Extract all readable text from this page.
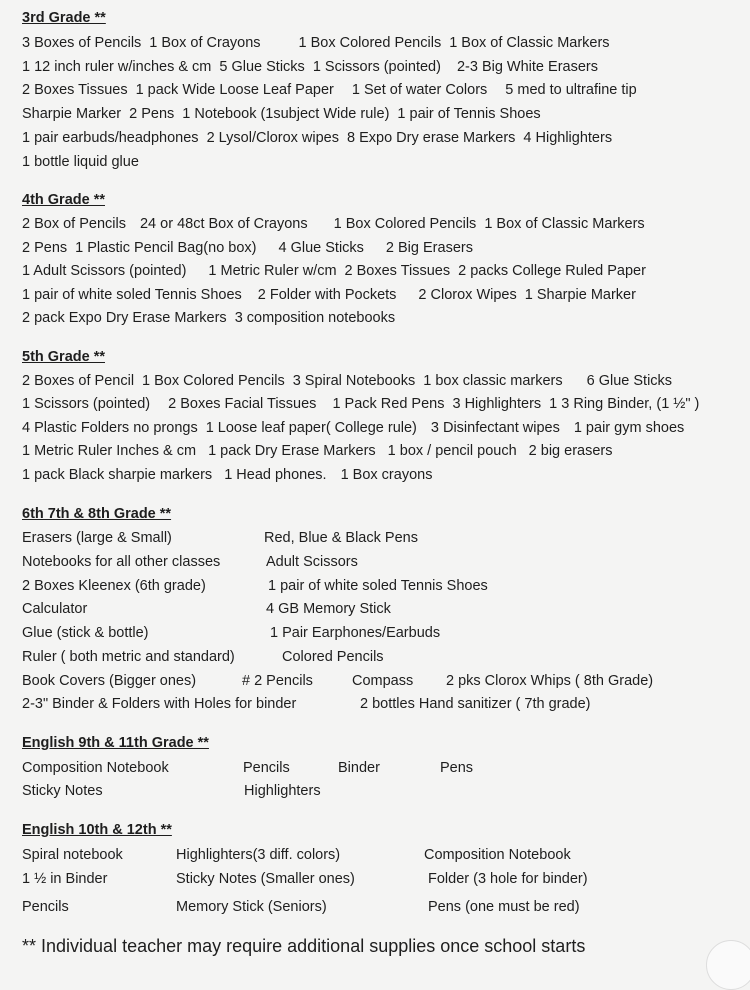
3rd Grade **
3 Boxes of Pencils 1 Box of Crayons	1 Box Colored Pencils 1 Box of Classic Markers
1 12 inch ruler w/inches & cm 5 Glue Sticks 1 Scissors (pointed) 2-3 Big White Erasers
2 Boxes Tissues 1 pack Wide Loose Leaf Paper 1 Set of water Colors 5 med to ultrafine tip
Sharpie Marker 2 Pens 1 Notebook (1subject Wide rule) 1 pair of Tennis Shoes
1 pair earbuds/headphones 2 Lysol/Clorox wipes 8 Expo Dry erase Markers 4 Highlighters
1 bottle liquid glue
4th Grade **
2 Box of Pencils 24 or 48ct Box of Crayons 1 Box Colored Pencils 1 Box of Classic Markers
2 Pens 1 Plastic Pencil Bag(no box) 4 Glue Sticks 2 Big Erasers
1 Adult Scissors (pointed) 1 Metric Ruler w/cm 2 Boxes Tissues 2 packs College Ruled Paper
1 pair of white soled Tennis Shoes 2 Folder with Pockets 2 Clorox Wipes 1 Sharpie Marker
2 pack Expo Dry Erase Markers 3 composition notebooks
5th Grade **
2 Boxes of Pencil 1 Box Colored Pencils 3 Spiral Notebooks 1 box classic markers 6 Glue Sticks
1 Scissors (pointed) 2 Boxes Facial Tissues 1 Pack Red Pens 3 Highlighters 1 3 Ring Binder, (1 ½" )
4 Plastic Folders no prongs 1 Loose leaf paper( College rule) 3 Disinfectant wipes 1 pair gym shoes
1 Metric Ruler Inches & cm 1 pack Dry Erase Markers 1 box / pencil pouch 2 big erasers
1 pack Black sharpie markers 1 Head phones. 1 Box crayons
6th 7th & 8th Grade **
Erasers (large & Small)	Red, Blue & Black Pens
Notebooks for all other classes	Adult Scissors
2 Boxes Kleenex (6th grade)	1 pair of white soled Tennis Shoes
Calculator	4 GB Memory Stick
Glue (stick & bottle)	1 Pair Earphones/Earbuds
Ruler ( both metric and standard)	Colored Pencils
Book Covers (Bigger ones)	# 2 Pencils	Compass 2 pks Clorox Whips ( 8th Grade)
2-3" Binder & Folders with Holes for binder	2 bottles Hand sanitizer ( 7th grade)
English 9th & 11th Grade **
Composition Notebook	Pencils	Binder	Pens
Sticky Notes	Highlighters
English 10th & 12th **
Spiral notebook	Highlighters(3 diff. colors)	Composition Notebook
1 ½ in Binder	Sticky Notes (Smaller ones)	Folder (3 hole for binder)
Pencils	Memory Stick (Seniors)	Pens (one must be red)
** Individual teacher may require additional supplies once school starts
